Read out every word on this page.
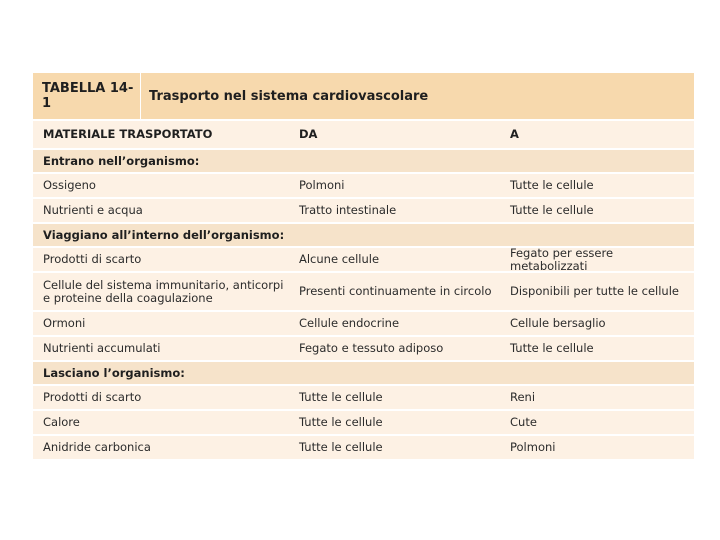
TABELLA 14-1	Trasporto nel sistema cardiovascolare
MATERIALE TRASPORTATO	DA	A
Entrano nell’organismo:
Ossigeno	Polmoni	Tutte le cellule
Nutrienti e acqua	Tratto intestinale	Tutte le cellule
Viaggiano all’interno dell’organismo:
Prodotti di scarto	Alcune cellule	Fegato per essere metabolizzati
Cellule del sistema immunitario, anticorpi
e proteine della coagulazione	Presenti continuamente in circolo	Disponibili per tutte le cellule
Ormoni	Cellule endocrine	Cellule bersaglio
Nutrienti accumulati	Fegato e tessuto adiposo	Tutte le cellule
Lasciano l’organismo:
Prodotti di scarto	Tutte le cellule	Reni
Calore	Tutte le cellule	Cute
Anidride carbonica	Tutte le cellule	Polmoni
